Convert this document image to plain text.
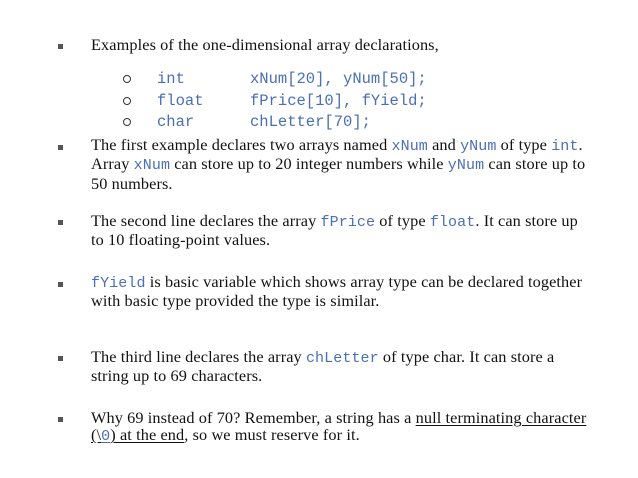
Examples of the one-dimensional array declarations,
int	xNum[20], yNum[50];
float	fPrice[10], fYield;
char	chLetter[70];
The first example declares two arrays named xNum and yNum of type int. Array xNum can store up to 20 integer numbers while yNum can store up to 50 numbers.
The second line declares the array fPrice of type float. It can store up to 10 floating-point values.
fYield is basic variable which shows array type can be declared together with basic type provided the type is similar.
The third line declares the array chLetter of type char. It can store a string up to 69 characters.
Why 69 instead of 70? Remember, a string has a null terminating character (\0) at the end, so we must reserve for it.
